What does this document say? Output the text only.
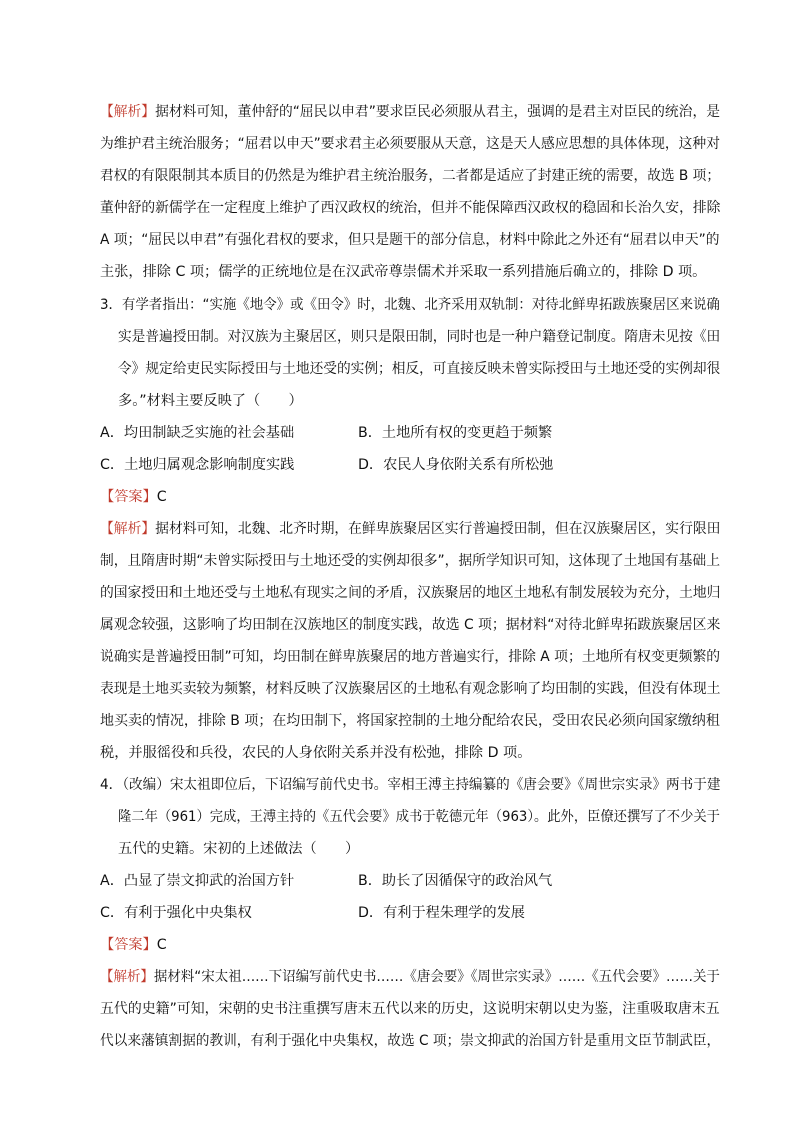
【解析】据材料可知，董仲舒的“屈民以申君”要求臣民必须服从君主，强调的是君主对臣民的统治，是
为维护君主统治服务；“屈君以申天”要求君主必须要服从天意，这是天人感应思想的具体体现，这种对
君权的有限限制其本质目的仍然是为维护君主统治服务，二者都是适应了封建正统的需要，故选 B 项；
董仲舒的新儒学在一定程度上维护了西汉政权的统治，但并不能保障西汉政权的稳固和长治久安，排除
A 项；“屈民以申君”有强化君权的要求，但只是题干的部分信息，材料中除此之外还有“屈君以申天”的
主张，排除 C 项；儒学的正统地位是在汉武帝尊崇儒术并采取一系列措施后确立的，排除 D 项。
3．有学者指出：“实施《地令》或《田令》时，北魏、北齐采用双轨制：对待北鲜卑拓跋族聚居区来说确
实是普遍授田制。对汉族为主聚居区，则只是限田制，同时也是一种户籍登记制度。隋唐未见按《田
令》规定给吏民实际授田与土地还受的实例；相反，可直接反映未曾实际授田与土地还受的实例却很
多。”材料主要反映了（　　）
A．均田制缺乏实施的社会基础	B．土地所有权的变更趋于频繁
C．土地归属观念影响制度实践	D．农民人身依附关系有所松弛
【答案】C
【解析】据材料可知，北魏、北齐时期，在鲜卑族聚居区实行普遍授田制，但在汉族聚居区，实行限田
制，且隋唐时期“未曾实际授田与土地还受的实例却很多”，据所学知识可知，这体现了土地国有基础上
的国家授田和土地还受与土地私有现实之间的矛盾，汉族聚居的地区土地私有制发展较为充分，土地归
属观念较强，这影响了均田制在汉族地区的制度实践，故选 C 项；据材料“对待北鲜卑拓跋族聚居区来
说确实是普遍授田制”可知，均田制在鲜卑族聚居的地方普遍实行，排除 A 项；土地所有权变更频繁的
表现是土地买卖较为频繁，材料反映了汉族聚居区的土地私有观念影响了均田制的实践，但没有体现土
地买卖的情况，排除 B 项；在均田制下，将国家控制的土地分配给农民，受田农民必须向国家缴纳租
税，并服徭役和兵役，农民的人身依附关系并没有松弛，排除 D 项。
4．（改编）宋太祖即位后，下诏编写前代史书。宰相王溥主持编纂的《唐会要》《周世宗实录》两书于建
隆二年（961）完成，王溥主持的《五代会要》成书于乾德元年（963）。此外，臣僚还撰写了不少关于
五代的史籍。宋初的上述做法（　　）
A．凸显了崇文抑武的治国方针	B．助长了因循保守的政治风气
C．有利于强化中央集权	D．有利于程朱理学的发展
【答案】C
【解析】据材料“宋太祖……下诏编写前代史书……《唐会要》《周世宗实录》……《五代会要》……关于
五代的史籍”可知，宋朝的史书注重撰写唐末五代以来的历史，这说明宋朝以史为鉴，注重吸取唐末五
代以来藩镇割据的教训，有利于强化中央集权，故选 C 项；崇文抑武的治国方针是重用文臣节制武臣，
